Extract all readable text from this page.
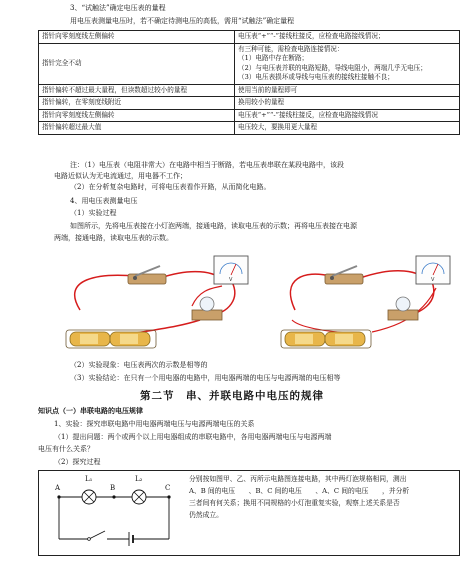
3、“试触法”确定电压表的量程
用电压表测量电压时，若不确定待测电压的高低，需用“试触法”确定量程
指针向零刻度线左侧偏转	电压表“+”“-”接线柱接反，应检查电路接线情况；

指针完全不动	有三种可能，需检查电路连接情况：
（1）电路中存在断路；
（2）与电压表并联的电路短路，导线电阻小，两端几乎无电压；
（3）电压表损坏或导线与电压表的接线柱接触不良；

指针偏转不超过最大量程，但读数超过较小的量程	使用当前的量程即可

指针偏转，在零刻度线附近	换用较小的量程

指针向零刻度线左侧偏转	电压表“+”“-”接线柱接反，应检查电路接线情况

指针偏转超过最大值	电压较大，要换用更大量程
注：（1）电压表（电阻非常大）在电路中相当于断路，若电压表串联在某段电路中，该段
电路近似认为无电流通过，用电器不工作；
（2）在分析复杂电路时，可将电压表看作开路，从而简化电路。
4、用电压表测量电压
（1）实验过程
如图所示，先将电压表接在小灯泡两端，接通电路，读取电压表的示数；再将电压表接在电源
两端，接通电路，读取电压表的示数。
V	V
（2）实验现象：电压表两次的示数是相等的
（3）实验结论：在只有一个用电器的电路中，用电器两端的电压与电源两端的电压相等
第二节　串、并联电路中电压的规律
知识点（一）串联电路的电压规律
1、实验：探究串联电路中用电器两端电压与电源两端电压的关系
（1）提出问题：两个或两个以上用电器组成的串联电路中，各用电器两端电压与电源两端
电压有什么关系？
（2）探究过程
A	B	C
L₁	L₂	分别按如图甲、乙、丙所示电路图连接电路，其中两灯泡规格相同，测出
A、B 间的电压　　、B、C 间的电压　　、A、C 间的电压　　，并分析
三者间有何关系；换用不同规格的小灯泡重复实验，观察上述关系是否
仍然成立。
